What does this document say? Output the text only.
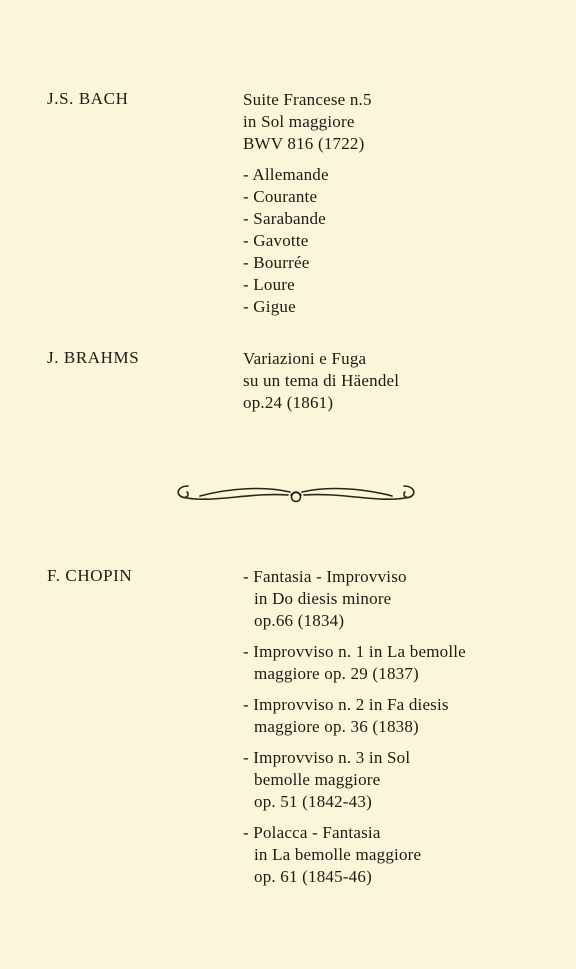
J.S. BACH	Suite Francese n.5
in Sol maggiore
BWV 816 (1722)
- Allemande
- Courante
- Sarabande
- Gavotte
- Bourrée
- Loure
- Gigue
J. BRAHMS	Variazioni e Fuga
su un tema di Häendel
op.24 (1861)
F. CHOPIN	- Fantasia - Improvviso
in Do diesis minore
op.66 (1834)
- Improvviso n. 1 in La bemolle
maggiore op. 29 (1837)
- Improvviso n. 2 in Fa diesis
maggiore op. 36 (1838)
- Improvviso n. 3 in Sol
bemolle maggiore
op. 51 (1842-43)
- Polacca - Fantasia
in La bemolle maggiore
op. 61 (1845-46)
